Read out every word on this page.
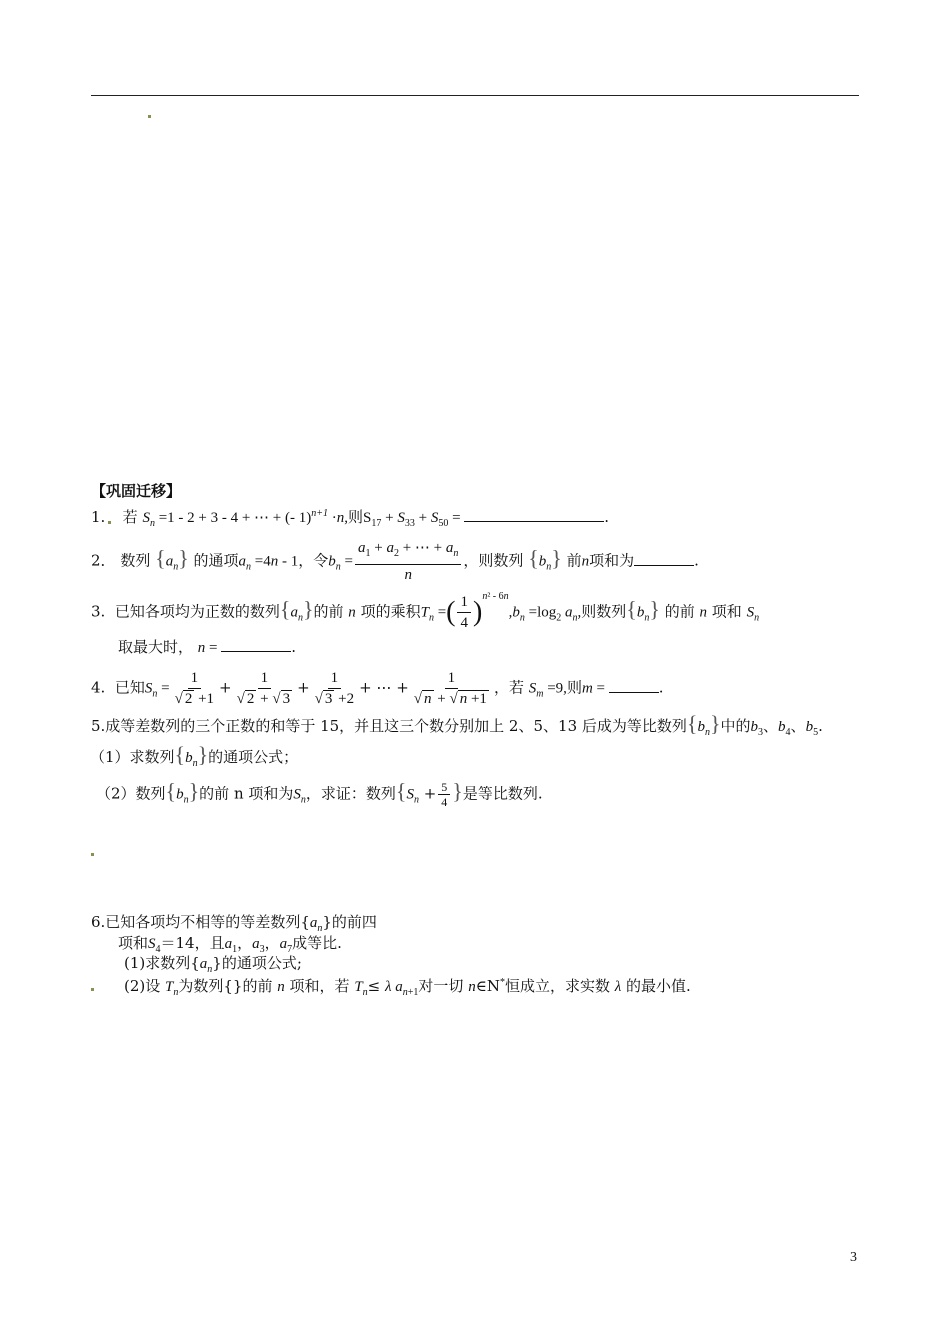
【巩固迁移】
1. 若 $S_n =1 - 2 + 3 - 4$ + ⋯ + (- 1)$^{n+1}$ ·n,则$S_{17} + S_{33} + S_{50}$ =	.
2． 数列 $\{a_n\}$ 的通项$a_n =4n - 1$，令$b_n = \frac{a_1 + a_2 + \cdots + a_n}{n}$ ，则数列 $\{b_n\}$ 前n项和为	.
3. 已知各项均为正数的数列$\{a_n\}$的前 n 项的乘积$T_n$ =( $\frac{1}{4} )^{n^2 - 6n},b_n =\log_2$ $a_n$,则数列$\{b_n\}$ 的前 n 项和 $S_n$
取最大时， n =	.
4. 已知$S_n = \frac{1}{√ 2 +1} + \frac{1}{√ 2 + √ 3} + \frac{1}{√ 3 +2}$ + ⋯ + $\frac{1}{√ n + √ n +1}$ ，若 $S_m =9$,则m =	.
5.成等差数列的三个正数的和等于 15，并且这三个数分别加上 2、5、13 后成为等比数列$\{b_n\}$中的$b_3$、$b_4$、$b_5$.
（1）求数列$\{b_n\}$的通项公式；
（2）数列$\{b_n\}$的前 n 项和为$S_n$，求证：数列{$S_n + \frac{5}{4}$ }是等比数列.
6.已知各项均不相等的等差数列$\{a_n\}$的前四
项和$S_4=14$，且$a_1$，$a_3$，$a_7$成等比.
(1)求数列$\{a_n\}$的通项公式;
(2)设 $T_n$为数列{}的前 n 项和，若 $T_n\le \lambda$ $a_{n+1}$对一切 n∈N*恒成立，求实数 λ 的最小值.
3
